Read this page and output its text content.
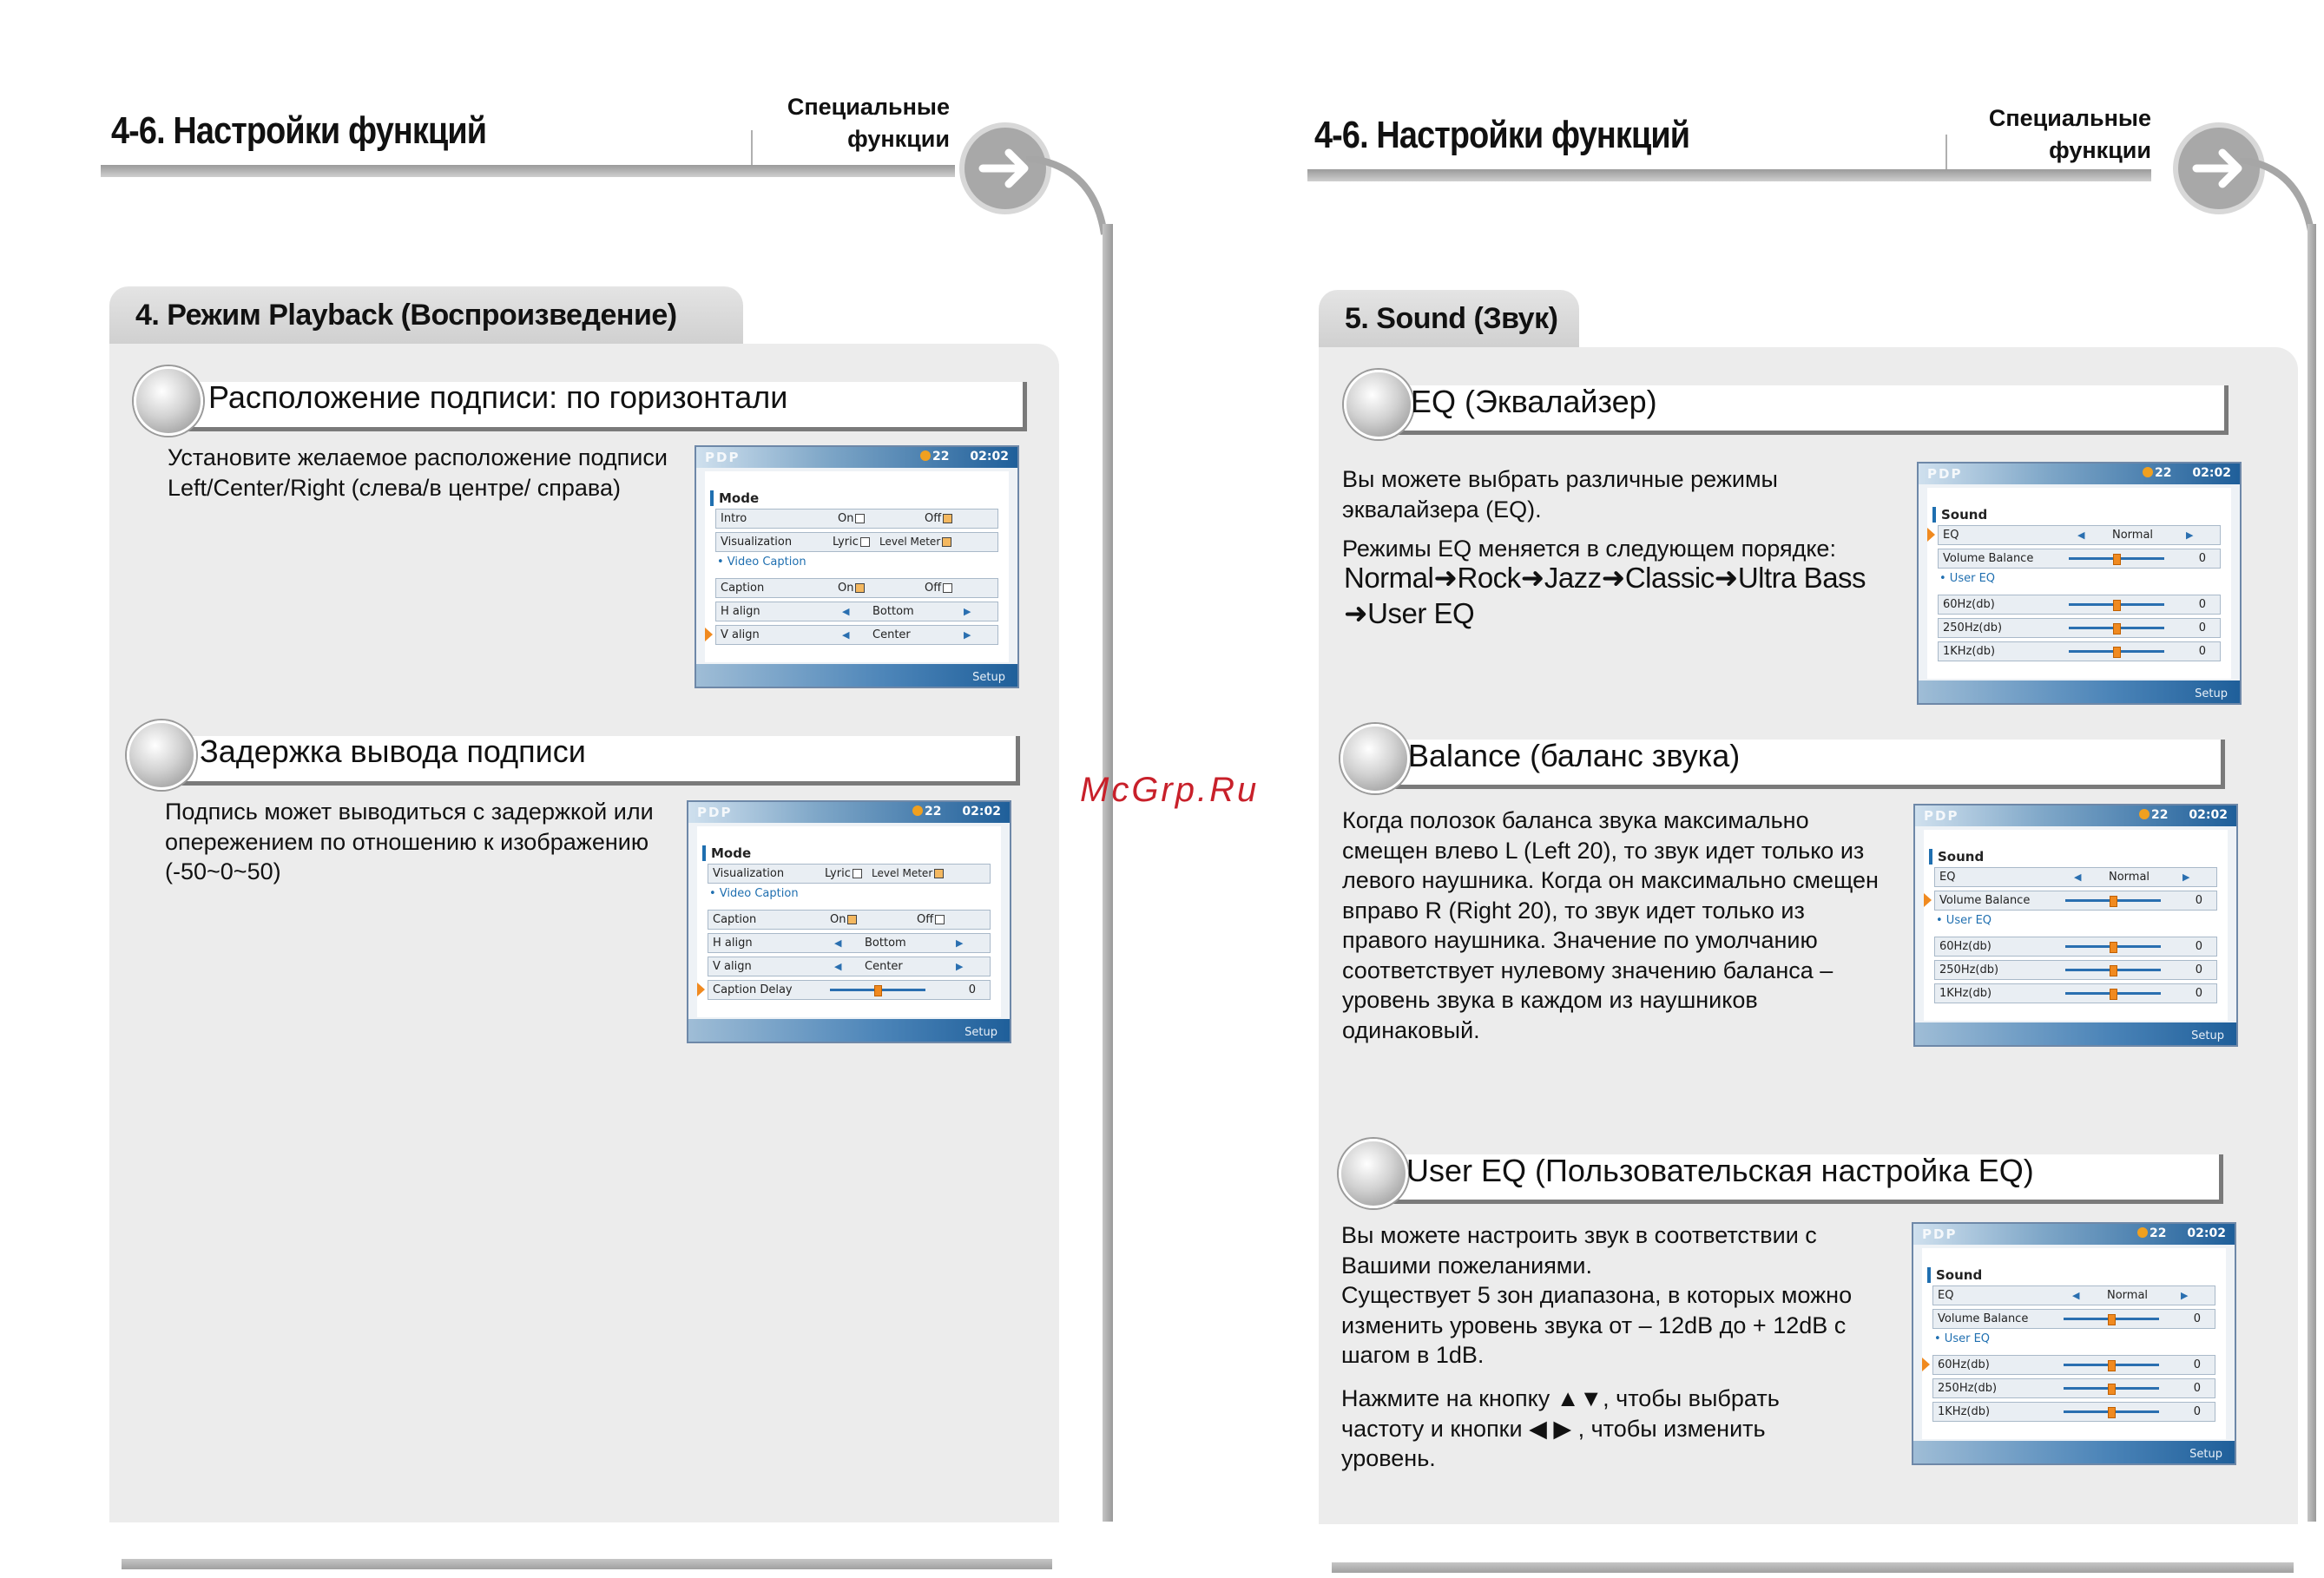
4-6. Настройки функций
Специальные
функции
4. Режим Playback (Воспроизведение)
Расположение подписи: по горизонтали
Установите желаемое расположение подписи Left/Center/Right (слева/в центре/ справа)
PDP	22 02:02
Mode
Intro	On	Off
Visualization	Lyric	Level Meter
• Video Caption
Caption	On	Off
H align	◀ Bottom	▶
V align	◀ Center	▶
Setup
Задержка вывода подписи
Подпись может выводиться с задержкой или опережением по отношению к изображению (-50~0~50)
PDP	22 02:02
Mode
Visualization	Lyric	Level Meter
• Video Caption
Caption	On	Off
H align	◀ Bottom	▶
V align	◀ Center	▶
Caption Delay	0
Setup
McGrp.Ru
4-6. Настройки функций	Специальные
функции
5. Sound (Звук)
EQ (Эквалайзер)
Вы можете выбрать различные режимы эквалайзера (EQ).
Режимы EQ меняется в следующем порядке:
Normal➜Rock➜Jazz➜Classic➜Ultra Bass
➜User EQ
PDP	22 02:02
Sound
EQ	◀ Normal	▶
Volume Balance	0
• User EQ
60Hz(db)	0
250Hz(db)	0
1KHz(db)	0
Setup
Balance (баланс звука)
Когда полозок баланса звука максимально смещен влево L (Left 20), то звук идет только из левого наушника. Когда он максимально смещен вправо R (Right 20), то звук идет только из правого наушника. Значение по умолчанию соответствует нулевому значению баланса – уровень звука в каждом из наушников одинаковый.
PDP	22 02:02
Sound
EQ	◀ Normal	▶
Volume Balance	0
• User EQ
60Hz(db)	0
250Hz(db)	0
1KHz(db)	0
Setup
User EQ (Пользовательская настройка EQ)
Вы можете настроить звук в соответствии с Вашими пожеланиями.
Существует 5 зон диапазона, в которых можно изменить уровень звука от – 12dB до + 12dB с шагом в 1dB.
Нажмите на кнопку ▲▼, чтобы выбрать
частоту и кнопки ◀ ▶ , чтобы изменить
уровень.
PDP	22 02:02
Sound
EQ	◀ Normal	▶
Volume Balance	0
• User EQ
60Hz(db)	0
250Hz(db)	0
1KHz(db)	0
Setup
